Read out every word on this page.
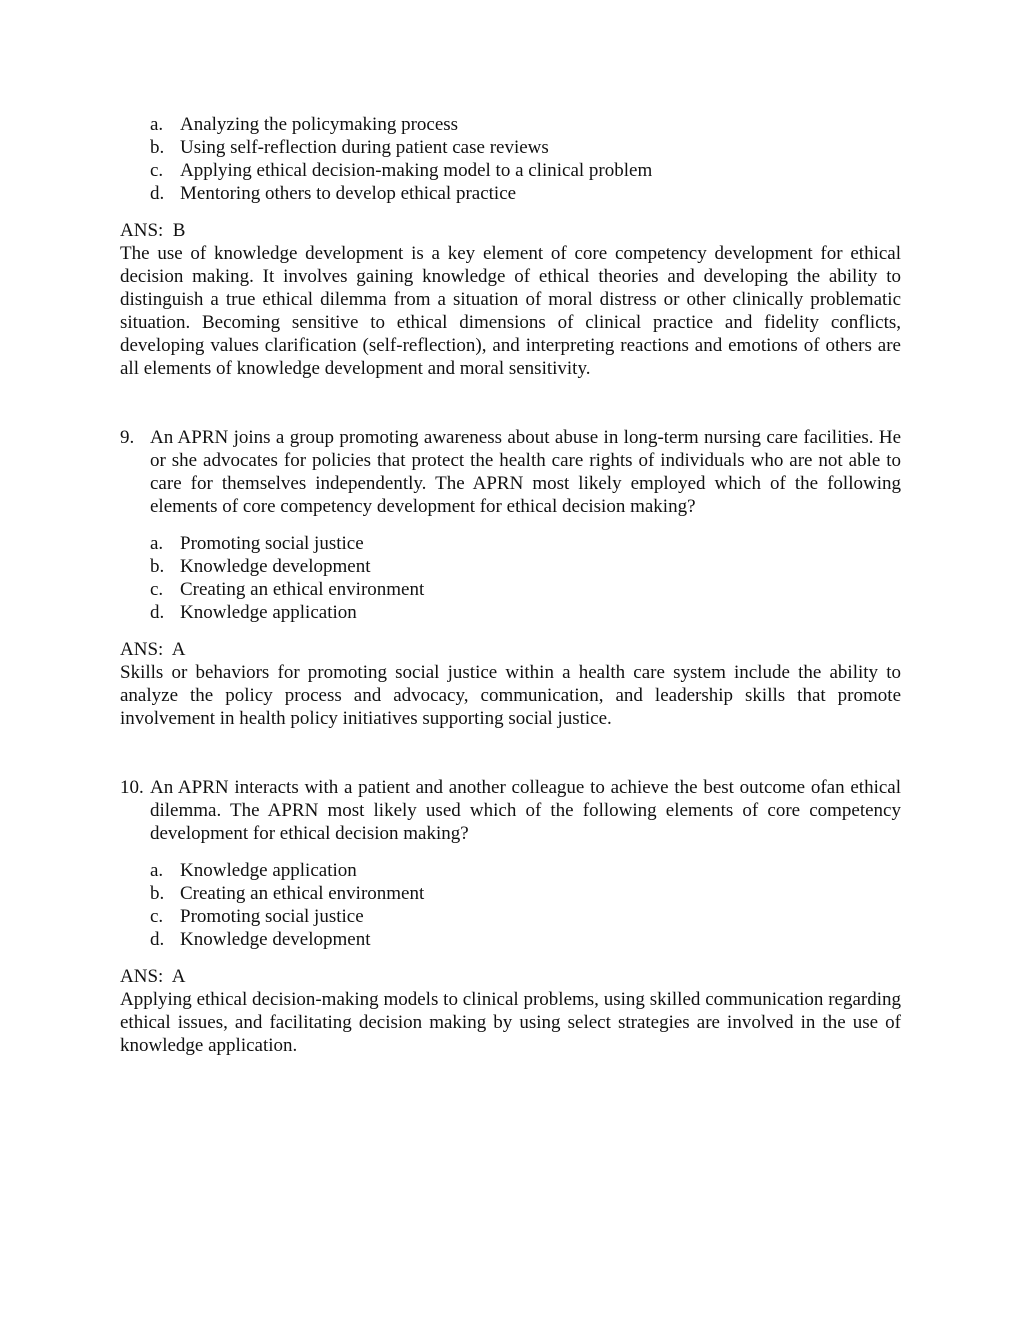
a. Analyzing the policymaking process
b. Using self-reflection during patient case reviews
c. Applying ethical decision-making model to a clinical problem
d. Mentoring others to develop ethical practice
ANS:  B
The use of knowledge development is a key element of core competency development for ethical decision making. It involves gaining knowledge of ethical theories and developing the ability to distinguish a true ethical dilemma from a situation of moral distress or other clinically problematic situation. Becoming sensitive to ethical dimensions of clinical practice and fidelity conflicts, developing values clarification (self-reflection), and interpreting reactions and emotions of others are all elements of knowledge development and moral sensitivity.
9. An APRN joins a group promoting awareness about abuse in long-term nursing care facilities. He or she advocates for policies that protect the health care rights of individuals who are not able to care for themselves independently. The APRN most likely employed which of the following elements of core competency development for ethical decision making?
a. Promoting social justice
b. Knowledge development
c. Creating an ethical environment
d. Knowledge application
ANS:  A
Skills or behaviors for promoting social justice within a health care system include the ability to analyze the policy process and advocacy, communication, and leadership skills that promote involvement in health policy initiatives supporting social justice.
10. An APRN interacts with a patient and another colleague to achieve the best outcome ofan ethical dilemma. The APRN most likely used which of the following elements of core competency development for ethical decision making?
a. Knowledge application
b. Creating an ethical environment
c. Promoting social justice
d. Knowledge development
ANS:  A
Applying ethical decision-making models to clinical problems, using skilled communication regarding ethical issues, and facilitating decision making by using select strategies are involved in the use of knowledge application.
